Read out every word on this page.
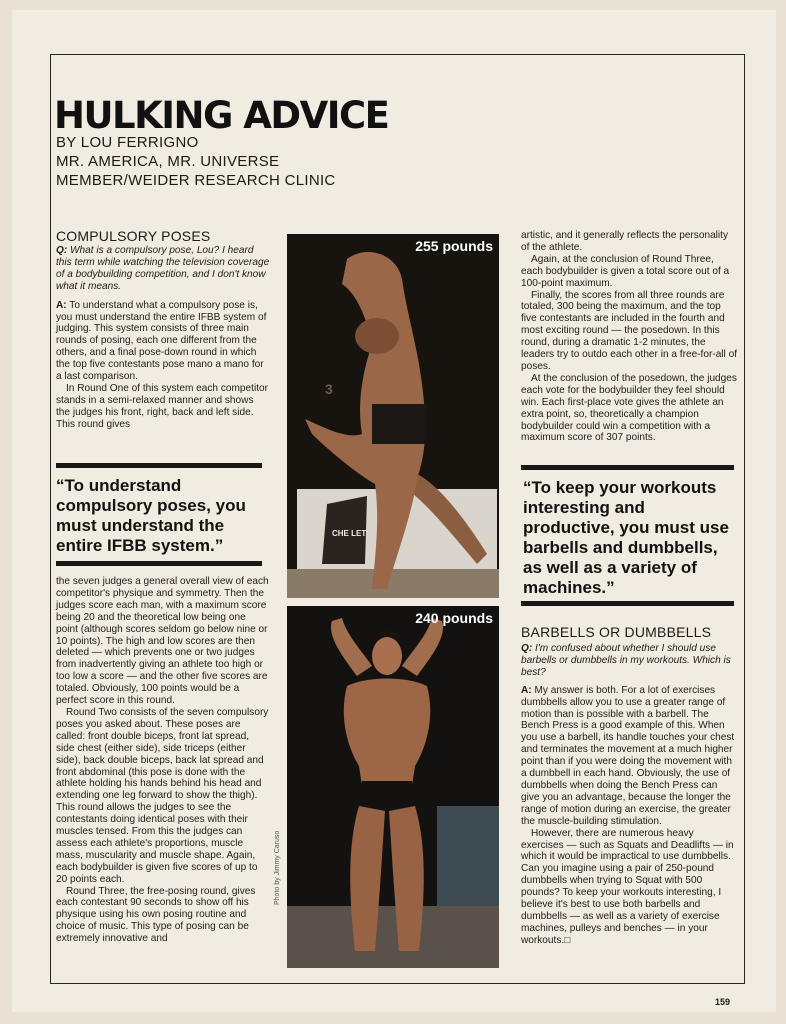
HULKING ADVICE
BY LOU FERRIGNO
MR. AMERICA, MR. UNIVERSE
MEMBER/WEIDER RESEARCH CLINIC
COMPULSORY POSES

Q: What is a compulsory pose, Lou? I heard this term while watching the television coverage of a bodybuilding competition, and I don't know what it means.

A: To understand what a compulsory pose is, you must understand the entire IFBB system of judging. This system consists of three main rounds of posing, each one different from the others, and a final pose-down round in which the top five contestants pose mano a mano for a last comparison.

In Round One of this system each competitor stands in a semi-relaxed manner and shows the judges his front, right, back and left side. This round gives

“To understand compulsory poses, you must understand the entire IFBB system.”

the seven judges a general overall view of each competitor's physique and symmetry. Then the judges score each man, with a maximum score being 20 and the theoretical low being one point (although scores seldom go below nine or 10 points). The high and low scores are then deleted — which prevents one or two judges from inadvertently giving an athlete too high or too low a score — and the other five scores are totaled. Obviously, 100 points would be a perfect score in this round.

Round Two consists of the seven compulsory poses you asked about. These poses are called: front double biceps, front lat spread, side chest (either side), side triceps (either side), back double biceps, back lat spread and front abdominal (this pose is done with the athlete holding his hands behind his head and extending one leg forward to show the thigh). This round allows the judges to see the contestants doing identical poses with their muscles tensed. From this the judges can assess each athlete's proportions, muscle mass, muscularity and muscle shape. Again, each bodybuilder is given five scores of up to 20 points each.

Round Three, the free-posing round, gives each contestant 90 seconds to show off his physique using his own posing routine and choice of music. This type of posing can be extremely innovative and

3
CHE LET
255 pounds
240 pounds
Photo by Jimmy Caruso

artistic, and it generally reflects the personality of the athlete.

Again, at the conclusion of Round Three, each bodybuilder is given a total score out of a 100-point maximum.

Finally, the scores from all three rounds are totaled, 300 being the maximum, and the top five contestants are included in the fourth and most exciting round — the posedown. In this round, during a dramatic 1-2 minutes, the leaders try to outdo each other in a free-for-all of poses.

At the conclusion of the posedown, the judges each vote for the bodybuilder they feel should win. Each first-place vote gives the athlete an extra point, so, theoretically a champion bodybuilder could win a competition with a maximum score of 307 points.

“To keep your workouts interesting and productive, you must use barbells and dumbbells, as well as a variety of machines.”

BARBELLS OR DUMBBELLS

Q: I'm confused about whether I should use barbells or dumbbells in my workouts. Which is best?

A: My answer is both. For a lot of exercises dumbbells allow you to use a greater range of motion than is possible with a barbell. The Bench Press is a good example of this. When you use a barbell, its handle touches your chest and terminates the movement at a much higher point than if you were doing the movement with a dumbbell in each hand. Obviously, the use of dumbbells when doing the Bench Press can give you an advantage, because the longer the range of motion during an exercise, the greater the muscle-building stimulation.

However, there are numerous heavy exercises — such as Squats and Deadlifts — in which it would be impractical to use dumbbells. Can you imagine using a pair of 250-pound dumbbells when trying to Squat with 500 pounds? To keep your workouts interesting, I believe it's best to use both barbells and dumbbells — as well as a variety of exercise machines, pulleys and benches — in your workouts.□

159
